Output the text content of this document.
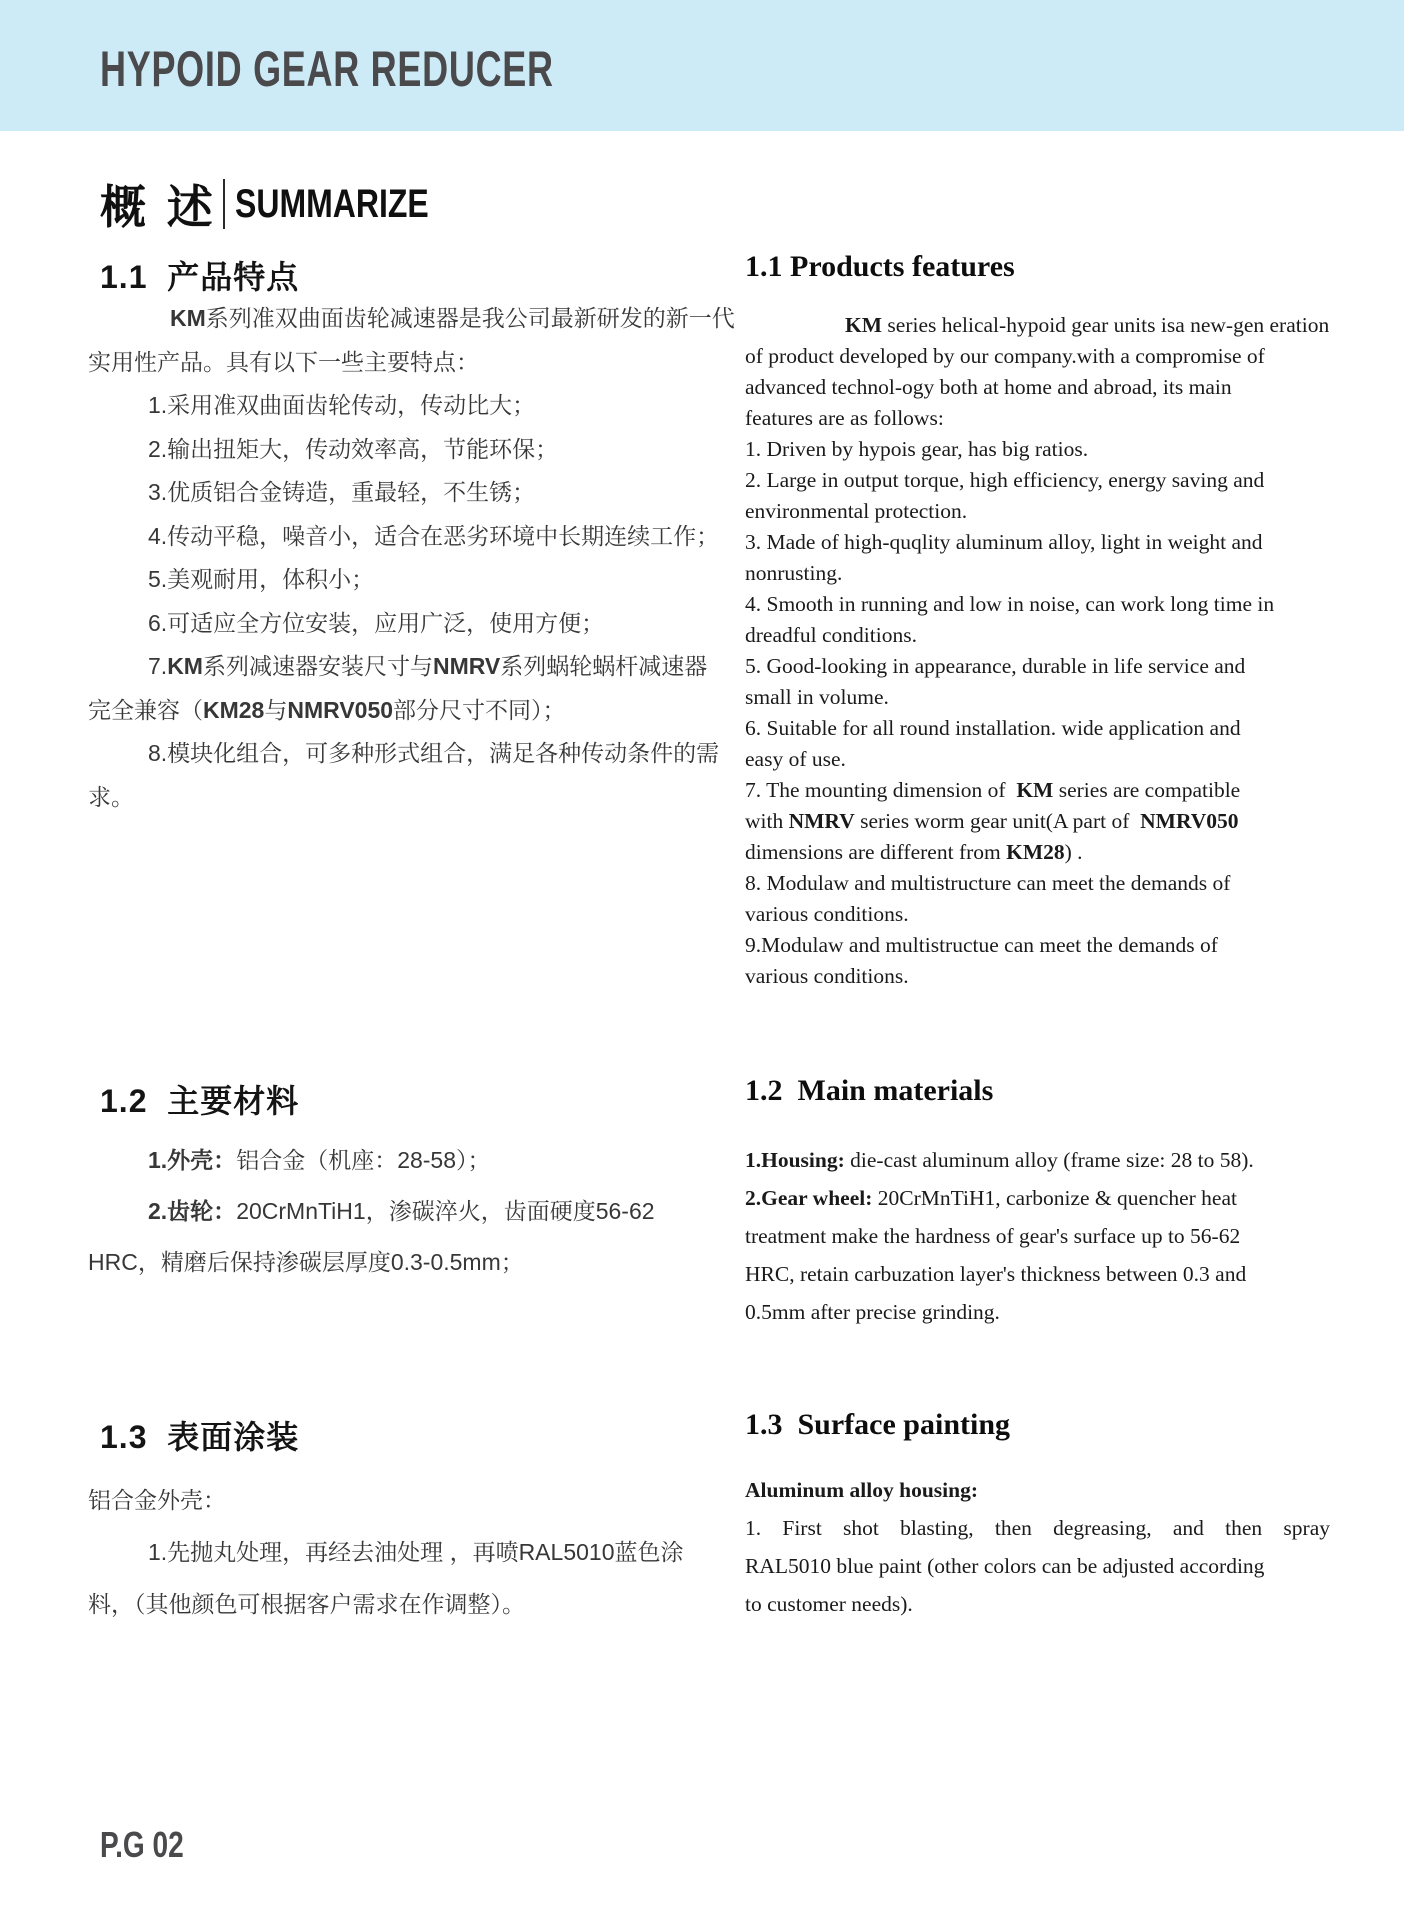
HYPOID GEAR REDUCER
概 述 SUMMARIZE
1.1  产品特点

KM系列准双曲面齿轮减速器是我公司最新研发的新一代

实用性产品。具有以下一些主要特点：

1.采用准双曲面齿轮传动，传动比大；

2.输出扭矩大，传动效率高，节能环保；

3.优质铝合金铸造，重最轻，不生锈；

4.传动平稳，噪音小，适合在恶劣环境中长期连续工作；

5.美观耐用，体积小；

6.可适应全方位安装，应用广泛，使用方便；

7.KM系列减速器安装尺寸与NMRV系列蜗轮蜗杆减速器

完全兼容（KM28与NMRV050部分尺寸不同）；

8.模块化组合，可多种形式组合，满足各种传动条件的需

求。

1.1 Products features

KM series helical-hypoid gear units isa new-gen eration

of product developed by our company.with a compromise of

advanced technol-ogy both at home and abroad, its main

features are as follows:

1. Driven by hypois gear, has big ratios.

2. Large in output torque, high efficiency, energy saving and

environmental protection.

3. Made of high-quqlity aluminum alloy, light in weight and

nonrusting.

4. Smooth in running and low in noise, can work long time in

dreadful conditions.

5. Good-looking in appearance, durable in life service and

small in volume.

6. Suitable for all round installation. wide application and

easy of use.

7. The mounting dimension of  KM series are compatible

with NMRV series worm gear unit(A part of  NMRV050

dimensions are different from KM28) .

8. Modulaw and multistructure can meet the demands of

various conditions.

9.Modulaw and multistructue can meet the demands of

various conditions.

1.2  主要材料

1.外壳：铝合金（机座：28-58）；

2.齿轮：20CrMnTiH1，渗碳淬火，齿面硬度56-62

HRC，精磨后保持渗碳层厚度0.3-0.5mm；

1.2  Main materials

1.Housing: die-cast aluminum alloy (frame size: 28 to 58).

2.Gear wheel: 20CrMnTiH1, carbonize & quencher heat

treatment make the hardness of gear's surface up to 56-62

HRC, retain carbuzation layer's thickness between 0.3 and

0.5mm after precise grinding.

1.3  表面涂装

铝合金外壳：

1.先抛丸处理，再经去油处理 ，再喷RAL5010蓝色涂

料，（其他颜色可根据客户需求在作调整）。

1.3  Surface painting

Aluminum alloy housing:

1. First shot blasting, then degreasing, and then spray

RAL5010 blue paint (other colors can be adjusted according

to customer needs).

P.G 02
